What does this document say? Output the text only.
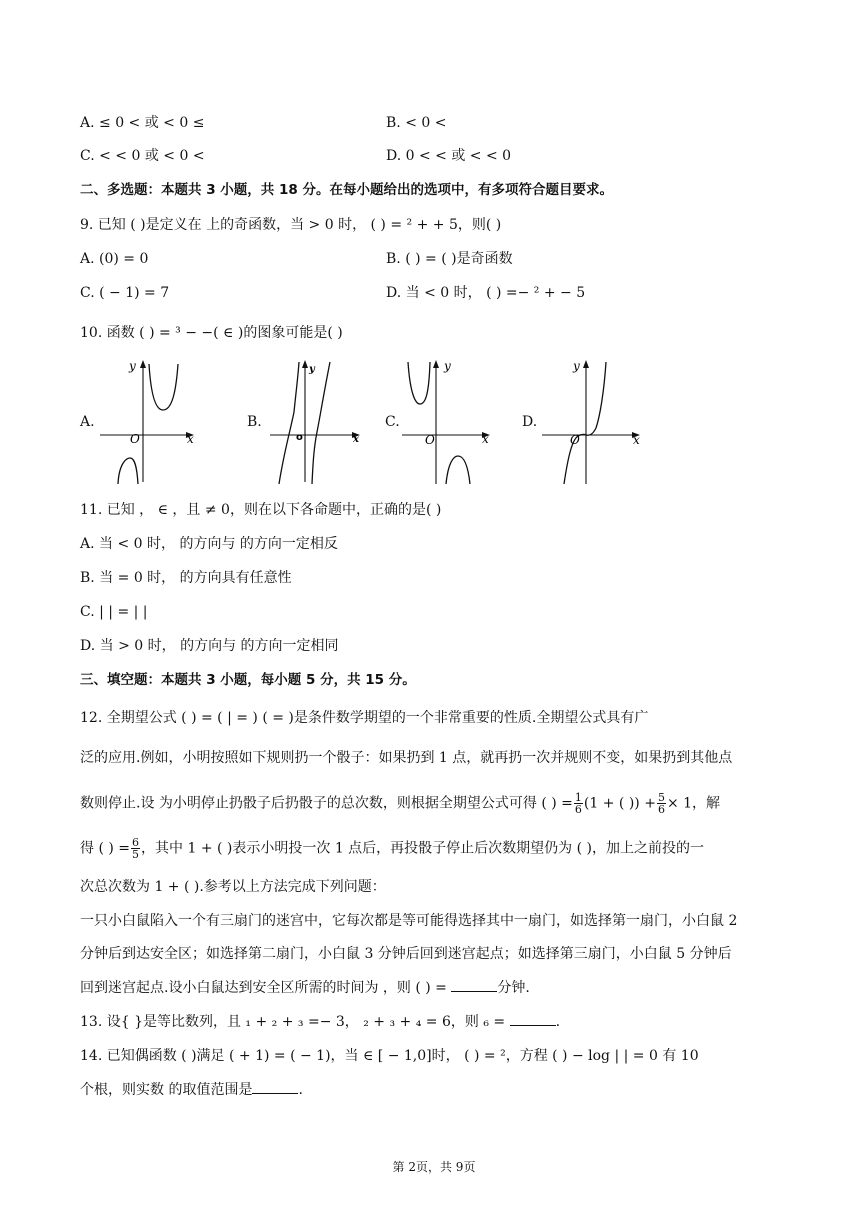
A. ≤ 0 < 或 < 0 ≤	B. < 0 <
C. < < 0 或 < 0 <	D. 0 < < 或 < < 0
二、多选题：本题共 3 小题，共 18 分。在每小题给出的选项中，有多项符合题目要求。
9. 已知 ( )是定义在 上的奇函数，当 > 0 时， ( ) = ² + + 5，则( )
A. (0) = 0	B. ( ) = ( )是奇函数
C. ( − 1) = 7	D. 当 < 0 时， ( ) =− ² + − 5
10. 函数 ( ) = ³ − −( ∈ )的图象可能是( )
A.
O	x
y
B.
o	x
y
C.
O	x
y
D.
O	x
y
11. 已知 ， ∈ ，且 ≠ 0，则在以下各命题中，正确的是( )
A. 当 < 0 时， 的方向与 的方向一定相反
B. 当 = 0 时， 的方向具有任意性
C. | | = | |
D. 当 > 0 时， 的方向与 的方向一定相同
三、填空题：本题共 3 小题，每小题 5 分，共 15 分。
12. 全期望公式 ( ) = ( | = ) ( = )是条件数学期望的一个非常重要的性质.全期望公式具有广
泛的应用.例如，小明按照如下规则扔一个骰子：如果扔到 1 点，就再扔一次并规则不变，如果扔到其他点
数则停止.设 为小明停止扔骰子后扔骰子的总次数，则根据全期望公式可得 ( ) = $\frac{1}{6} (1$ + ( )) + $\frac{5}{6} \times 1$，解
得 ( ) = $\frac{6}{5}$ ，其中 1 + ( )表示小明投一次 1 点后，再投骰子停止后次数期望仍为 ( )，加上之前投的一
次总次数为 1 + ( ).参考以上方法完成下列问题：
一只小白鼠陷入一个有三扇门的迷宫中，它每次都是等可能得选择其中一扇门，如选择第一扇门，小白鼠 2
分钟后到达安全区；如选择第二扇门，小白鼠 3 分钟后回到迷宫起点；如选择第三扇门，小白鼠 5 分钟后
回到迷宫起点.设小白鼠达到安全区所需的时间为 ，则 ( ) =	分钟.
13. 设{ }是等比数列，且 ₁ + ₂ + ₃ =− 3， ₂ + ₃ + ₄ = 6，则 ₆ =	.
14. 已知偶函数 ( )满足 ( + 1) = ( − 1)，当 ∈ [ − 1,0]时， ( ) = ²，方程 ( ) − log | | = 0 有 10
个根，则实数 的取值范围是	.
第 2页，共 9页
